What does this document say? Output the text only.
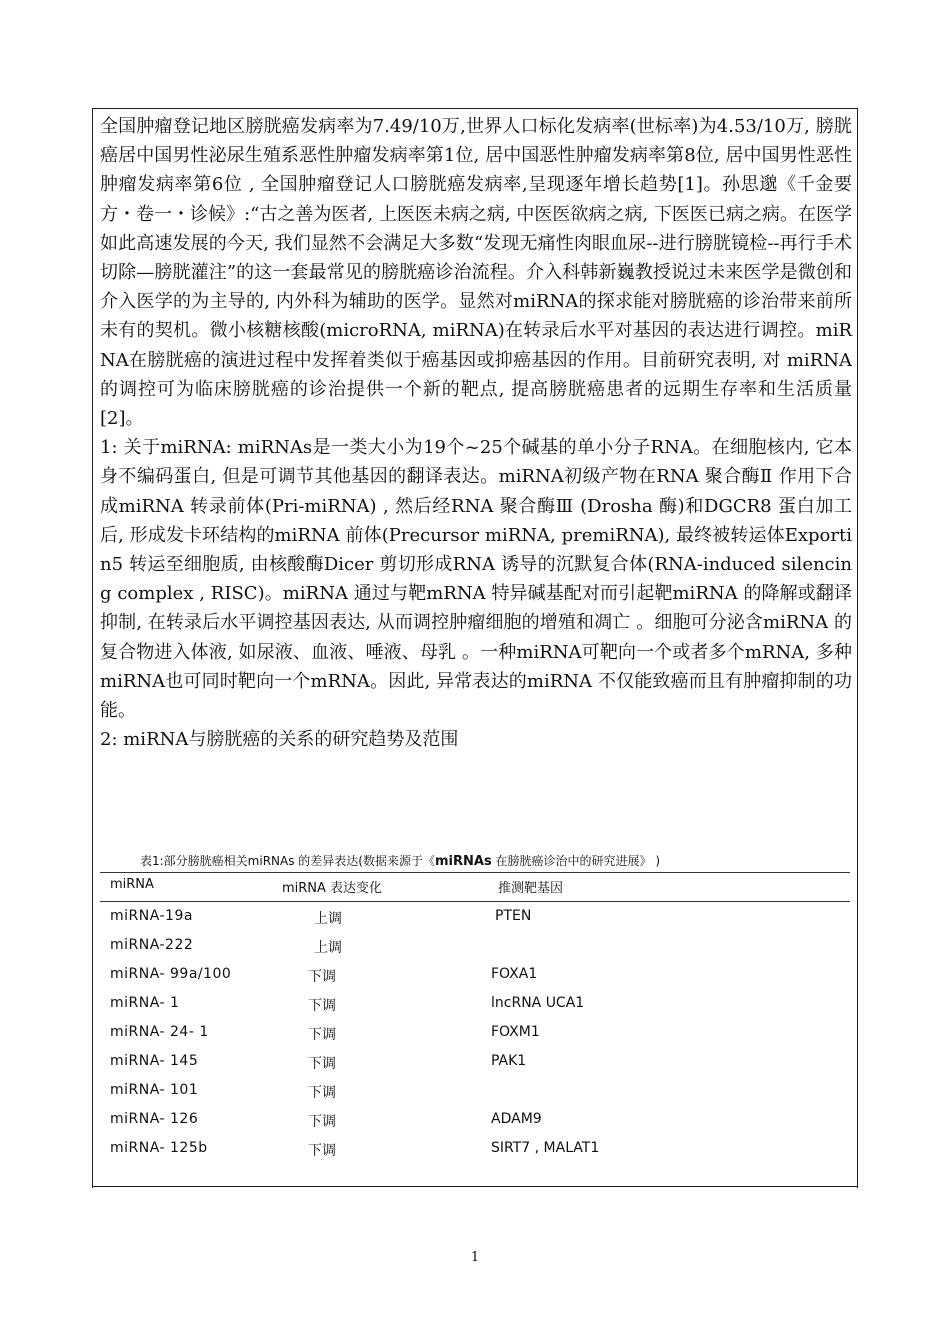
全国肿瘤登记地区膀胱癌发病率为7.49/10万,世界人口标化发病率(世标率)为4.53/10万, 膀胱癌居中国男性泌尿生殖系恶性肿瘤发病率第1位, 居中国恶性肿瘤发病率第8位, 居中国男性恶性肿瘤发病率第6位 , 全国肿瘤登记人口膀胱癌发病率,呈现逐年增长趋势[1]。孙思邈《千金要方・卷一・诊候》:“古之善为医者, 上医医未病之病, 中医医欲病之病, 下医医已病之病。在医学如此高速发展的今天, 我们显然不会满足大多数“发现无痛性肉眼血尿--进行膀胱镜检--再行手术切除—膀胱灌注”的这一套最常见的膀胱癌诊治流程。介入科韩新巍教授说过未来医学是微创和介入医学的为主导的, 内外科为辅助的医学。显然对miRNA的探求能对膀胱癌的诊治带来前所未有的契机。微小核糖核酸(microRNA, miRNA)在转录后水平对基因的表达进行调控。miRNA在膀胱癌的演进过程中发挥着类似于癌基因或抑癌基因的作用。目前研究表明, 对 miRNA 的调控可为临床膀胱癌的诊治提供一个新的靶点, 提高膀胱癌患者的远期生存率和生活质量 [2]。

1: 关于miRNA: miRNAs是一类大小为19个~25个碱基的单小分子RNA。在细胞核内, 它本身不编码蛋白, 但是可调节其他基因的翻译表达。miRNA初级产物在RNA 聚合酶Ⅱ 作用下合成miRNA 转录前体(Pri‐miRNA) , 然后经RNA 聚合酶Ⅲ (Drosha 酶)和DGCR8 蛋白加工后, 形成发卡环结构的miRNA 前体(Precursor miRNA, premiRNA), 最终被转运体Exportin5 转运至细胞质, 由核酸酶Dicer 剪切形成RNA 诱导的沉默复合体(RNA‐induced silencing complex , RISC)。miRNA 通过与靶mRNA 特异碱基配对而引起靶miRNA 的降解或翻译抑制, 在转录后水平调控基因表达, 从而调控肿瘤细胞的增殖和凋亡 。细胞可分泌含miRNA 的复合物进入体液, 如尿液、血液、唾液、母乳 。一种miRNA可靶向一个或者多个mRNA, 多种miRNA也可同时靶向一个mRNA。因此, 异常表达的miRNA 不仅能致癌而且有肿瘤抑制的功能。

2: miRNA与膀胱癌的关系的研究趋势及范围

表1:部分膀胱癌相关miRNAs 的差异表达(数据来源于《miRNAs 在膀胱癌诊治中的研究进展》 )
miRNA	miRNA 表达变化	推测靶基因
miRNA-19a	上调	PTEN
miRNA-222	上调
miRNA- 99a/100	下调	FOXA1
miRNA- 1	下调	lncRNA UCA1
miRNA- 24- 1	下调	FOXM1
miRNA- 145	下调	PAK1
miRNA- 101	下调
miRNA- 126	下调	ADAM9
miRNA- 125b	下调	SIRT7 , MALAT1
1
